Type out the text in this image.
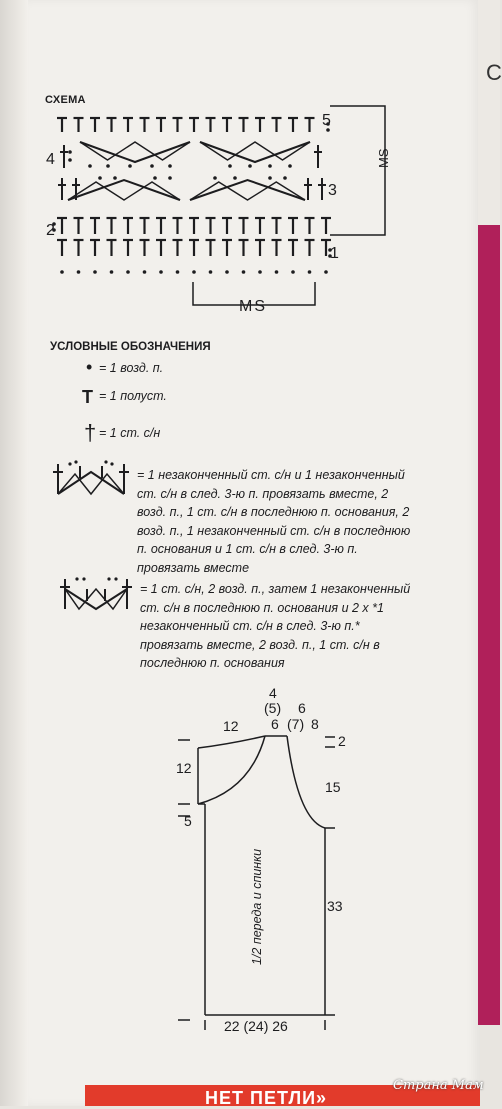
С
СХЕМА
5
4
3
2
1
MS
MS
УСЛОВНЫЕ ОБОЗНАЧЕНИЯ
• = 1 возд. п.
T = 1 полуст.
† = 1 ст. с/н
= 1 незаконченный ст. с/н и 1 незаконченный ст. с/н в след. 3-ю п. провязать вместе, 2 возд. п., 1 ст. с/н в последнюю п. основания, 2 возд. п., 1 незаконченный ст. с/н в последнюю п. основания и 1 ст. с/н в след. 3-ю п. провязать вместе
= 1 ст. с/н, 2 возд. п., затем 1 незаконченный ст. с/н в последнюю п. основания и 2 x *1 незаконченный ст. с/н в след. 3-ю п.* провязать вместе, 2 возд. п., 1 ст. с/н в последнюю п. основания
1/2 переда и спинки
12
4
(5)
6
6
(7) 8
2
12
15
5
33
22 (24) 26
НЕТ ПЕТЛИ»
Страна Мам
